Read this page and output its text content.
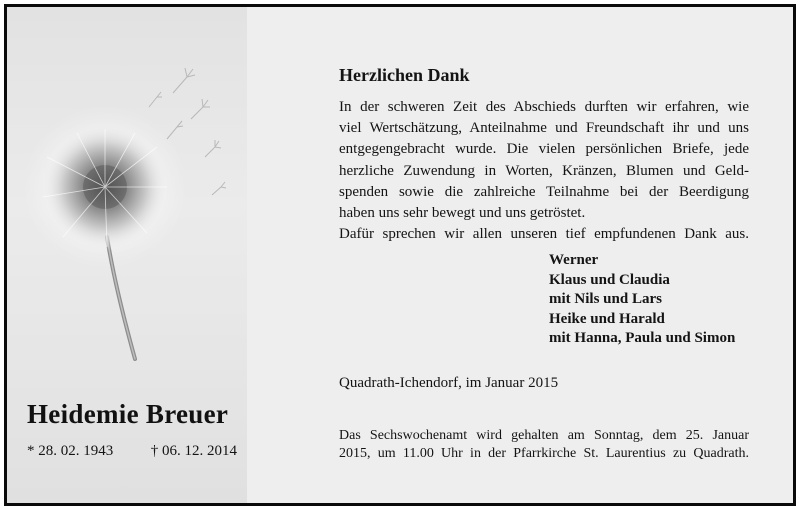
Heidemie Breuer
* 28. 02. 1943	† 06. 12. 2014
Herzlichen Dank
In der schweren Zeit des Abschieds durften wir erfahren, wie
viel Wertschätzung, Anteilnahme und Freundschaft ihr und uns
entgegengebracht wurde. Die vielen persönlichen Briefe, jede
herzliche Zuwendung in Worten, Kränzen, Blumen und Geld-
spenden sowie die zahlreiche Teilnahme bei der Beerdigung
haben uns sehr bewegt und uns getröstet.
Dafür sprechen wir allen unseren tief empfundenen Dank aus.
Werner
Klaus und Claudia
mit Nils und Lars
Heike und Harald
mit Hanna, Paula und Simon
Quadrath-Ichendorf, im Januar 2015
Das Sechswochenamt wird gehalten am Sonntag, dem 25. Januar
2015, um 11.00 Uhr in der Pfarrkirche St. Laurentius zu Quadrath.
